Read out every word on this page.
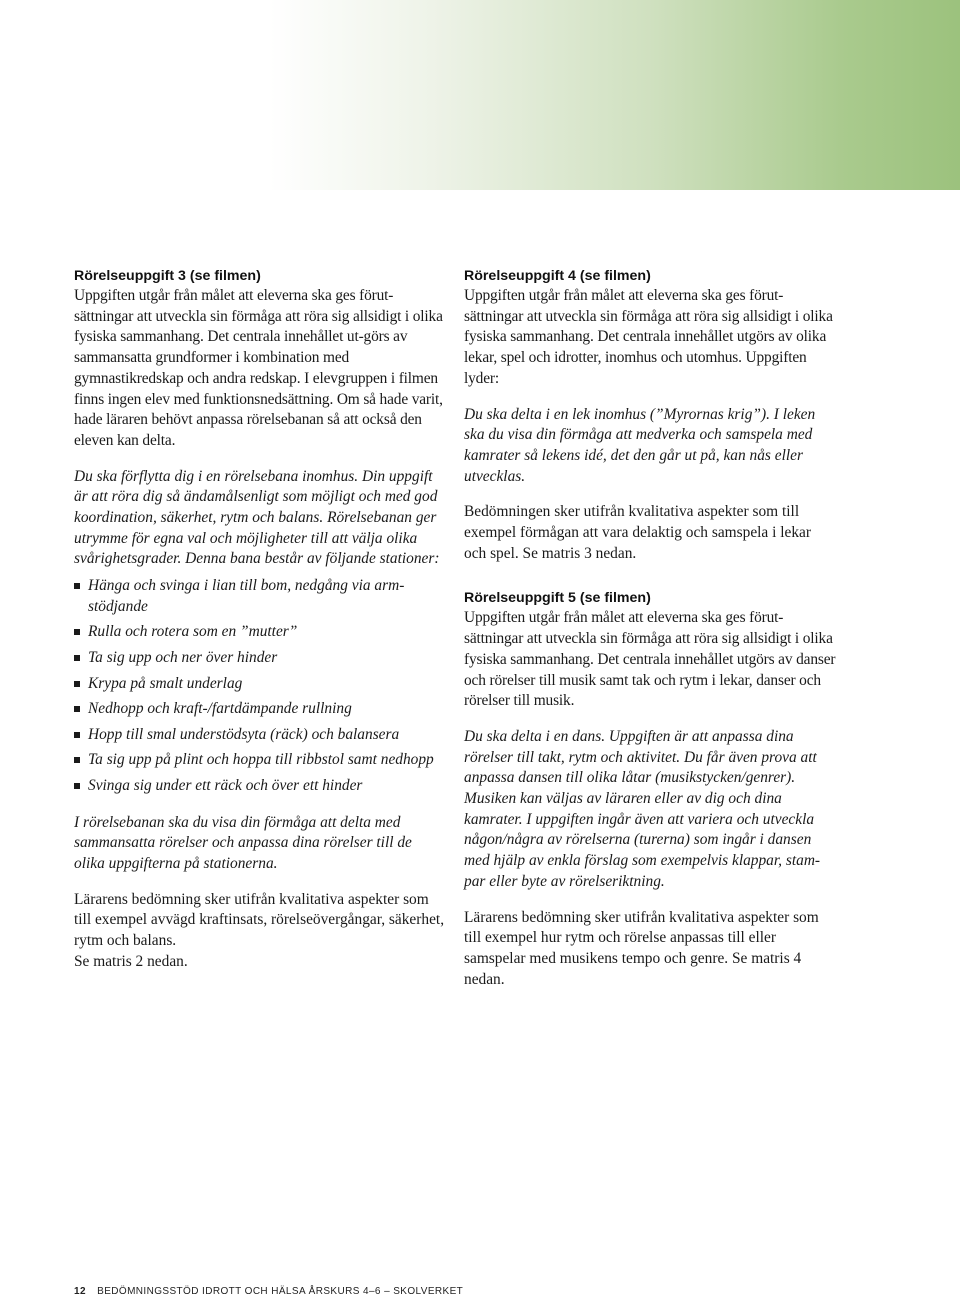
Rörelseuppgift 3 (se filmen)

Uppgiften utgår från målet att eleverna ska ges förut-sättningar att utveckla sin förmåga att röra sig allsidigt i olika fysiska sammanhang. Det centrala innehållet ut-görs av sammansatta grundformer i kombination med gymnastikredskap och andra redskap. I elevgruppen i filmen finns ingen elev med funktionsnedsättning. Om så hade varit, hade läraren behövt anpassa rörelsebanan så att också den eleven kan delta.

Du ska förflytta dig i en rörelsebana inomhus. Din uppgift är att röra dig så ändamålsenligt som möjligt och med god koordination, säkerhet, rytm och balans. Rörelsebanan ger utrymme för egna val och möjligheter till att välja olika svårighetsgrader. Denna bana består av följande stationer:

Hänga och svinga i lian till bom, nedgång via arm-stödjande
Rulla och rotera som en ”mutter”
Ta sig upp och ner över hinder
Krypa på smalt underlag
Nedhopp och kraft-/fartdämpande rullning
Hopp till smal understödsyta (räck) och balansera
Ta sig upp på plint och hoppa till ribbstol samt nedhopp
Svinga sig under ett räck och över ett hinder

I rörelsebanan ska du visa din förmåga att delta med sammansatta rörelser och anpassa dina rörelser till de olika uppgifterna på stationerna.

Lärarens bedömning sker utifrån kvalitativa aspekter som till exempel avvägd kraftinsats, rörelseövergångar, säkerhet, rytm och balans.

Se matris 2 nedan.

Rörelseuppgift 4 (se filmen)

Uppgiften utgår från målet att eleverna ska ges förut-sättningar att utveckla sin förmåga att röra sig allsidigt i olika fysiska sammanhang. Det centrala innehållet utgörs av olika lekar, spel och idrotter, inomhus och utomhus. Uppgiften lyder:

Du ska delta i en lek inomhus (”Myrornas krig”). I leken ska du visa din förmåga att medverka och samspela med kamrater så lekens idé, det den går ut på, kan nås eller utvecklas.

Bedömningen sker utifrån kvalitativa aspekter som till exempel förmågan att vara delaktig och samspela i lekar och spel. Se matris 3 nedan.

Rörelseuppgift 5 (se filmen)

Uppgiften utgår från målet att eleverna ska ges förut-sättningar att utveckla sin förmåga att röra sig allsidigt i olika fysiska sammanhang. Det centrala innehållet utgörs av danser och rörelser till musik samt tak och rytm i lekar, danser och rörelser till musik.

Du ska delta i en dans. Uppgiften är att anpassa dina rörelser till takt, rytm och aktivitet. Du får även prova att anpassa dansen till olika låtar (musikstycken/genrer). Musiken kan väljas av läraren eller av dig och dina kamrater. I uppgiften ingår även att variera och utveckla någon/några av rörelserna (turerna) som ingår i dansen med hjälp av enkla förslag som exempelvis klappar, stam-par eller byte av rörelseriktning.

Lärarens bedömning sker utifrån kvalitativa aspekter som till exempel hur rytm och rörelse anpassas till eller samspelar med musikens tempo och genre. Se matris 4 nedan.

12 BEDÖMNINGSSTÖD IDROTT OCH HÄLSA ÅRSKURS 4–6 – SKOLVERKET
